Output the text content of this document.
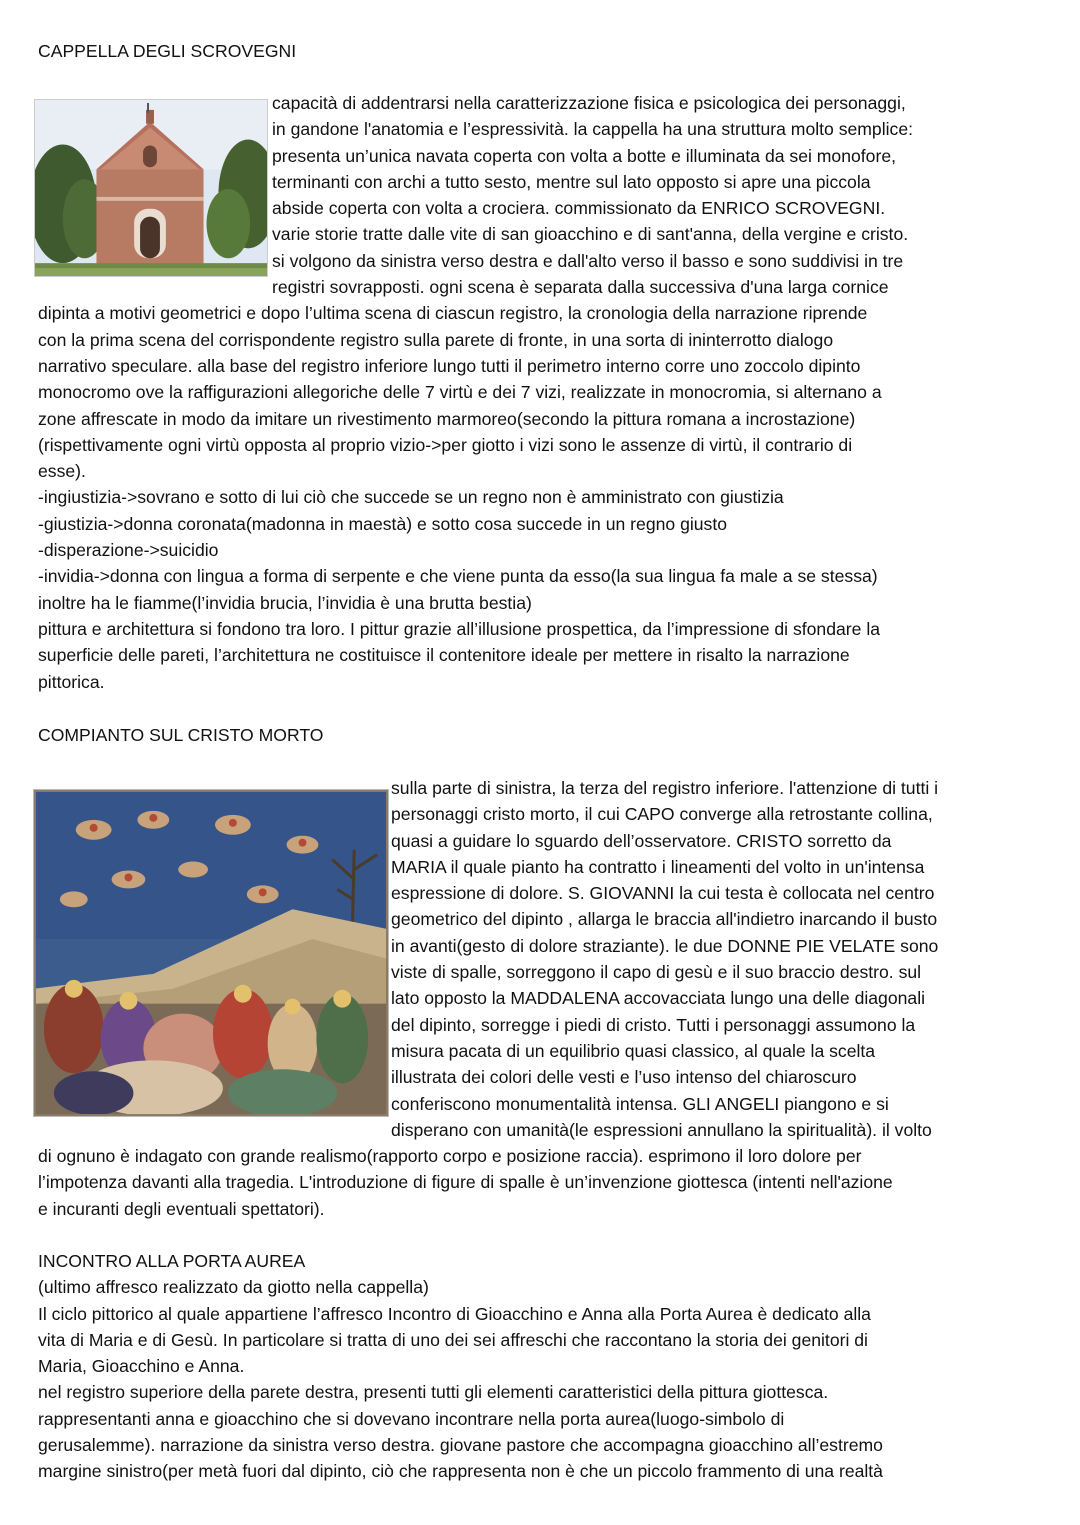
CAPPELLA DEGLI SCROVEGNI
capacità di addentrarsi nella caratterizzazione fisica e psicologica dei personaggi,
in gandone l'anatomia e l’espressività. la cappella ha una struttura molto semplice:
presenta un’unica navata coperta con volta a botte e illuminata da sei monofore,
terminanti con archi a tutto sesto, mentre sul lato opposto si apre una piccola
abside coperta con volta a crociera. commissionato da ENRICO SCROVEGNI.
varie storie tratte dalle vite di san gioacchino e di sant'anna, della vergine e cristo.
si volgono da sinistra verso destra e dall'alto verso il basso e sono suddivisi in tre
registri sovrapposti. ogni scena è separata dalla successiva d'una larga cornice
dipinta a motivi geometrici e dopo l’ultima scena di ciascun registro, la cronologia della narrazione riprende
con la prima scena del corrispondente registro sulla parete di fronte, in una sorta di ininterrotto dialogo
narrativo speculare. alla base del registro inferiore lungo tutti il perimetro interno corre uno zoccolo dipinto
monocromo ove la raffigurazioni allegoriche delle 7 virtù e dei 7 vizi, realizzate in monocromia, si alternano a
zone affrescate in modo da imitare un rivestimento marmoreo(secondo la pittura romana a incrostazione)
(rispettivamente ogni virtù opposta al proprio vizio->per giotto i vizi sono le assenze di virtù, il contrario di
esse).
-ingiustizia->sovrano e sotto di lui ciò che succede se un regno non è amministrato con giustizia
-giustizia->donna coronata(madonna in maestà) e sotto cosa succede in un regno giusto
-disperazione->suicidio
-invidia->donna con lingua a forma di serpente e che viene punta da esso(la sua lingua fa male a se stessa)
inoltre ha le fiamme(l’invidia brucia, l’invidia è una brutta bestia)
pittura e architettura si fondono tra loro. I pittur grazie all’illusione prospettica, da l’impressione di sfondare la
superficie delle pareti, l’architettura ne costituisce il contenitore ideale per mettere in risalto la narrazione
pittorica.
COMPIANTO SUL CRISTO MORTO
sulla parte di sinistra, la terza del registro inferiore. l'attenzione di tutti i
personaggi cristo morto, il cui CAPO converge alla retrostante collina,
quasi a guidare lo sguardo dell’osservatore. CRISTO sorretto da
MARIA il quale pianto ha contratto i lineamenti del volto in un'intensa
espressione di dolore. S. GIOVANNI la cui testa è collocata nel centro
geometrico del dipinto , allarga le braccia all'indietro inarcando il busto
in avanti(gesto di dolore straziante). le due DONNE PIE VELATE sono
viste di spalle, sorreggono il capo di gesù e il suo braccio destro. sul
lato opposto la MADDALENA accovacciata lungo una delle diagonali
del dipinto, sorregge i piedi di cristo. Tutti i personaggi assumono la
misura pacata di un equilibrio quasi classico, al quale la scelta
illustrata dei colori delle vesti e l’uso intenso del chiaroscuro
conferiscono monumentalità intensa. GLI ANGELI piangono e si
disperano con umanità(le espressioni annullano la spiritualità). il volto
di ognuno è indagato con grande realismo(rapporto corpo e posizione raccia). esprimono il loro dolore per
l’impotenza davanti alla tragedia. L'introduzione di figure di spalle è un’invenzione giottesca (intenti nell'azione
e incuranti degli eventuali spettatori).
INCONTRO ALLA PORTA AUREA
(ultimo affresco realizzato da giotto nella cappella)
Il ciclo pittorico al quale appartiene l’affresco Incontro di Gioacchino e Anna alla Porta Aurea è dedicato alla
vita di Maria e di Gesù. In particolare si tratta di uno dei sei affreschi che raccontano la storia dei genitori di
Maria, Gioacchino e Anna.
nel registro superiore della parete destra, presenti tutti gli elementi caratteristici della pittura giottesca.
rappresentanti anna e gioacchino che si dovevano incontrare nella porta aurea(luogo-simbolo di
gerusalemme). narrazione da sinistra verso destra. giovane pastore che accompagna gioacchino all’estremo
margine sinistro(per metà fuori dal dipinto, ciò che rappresenta non è che un piccolo frammento di una realtà
